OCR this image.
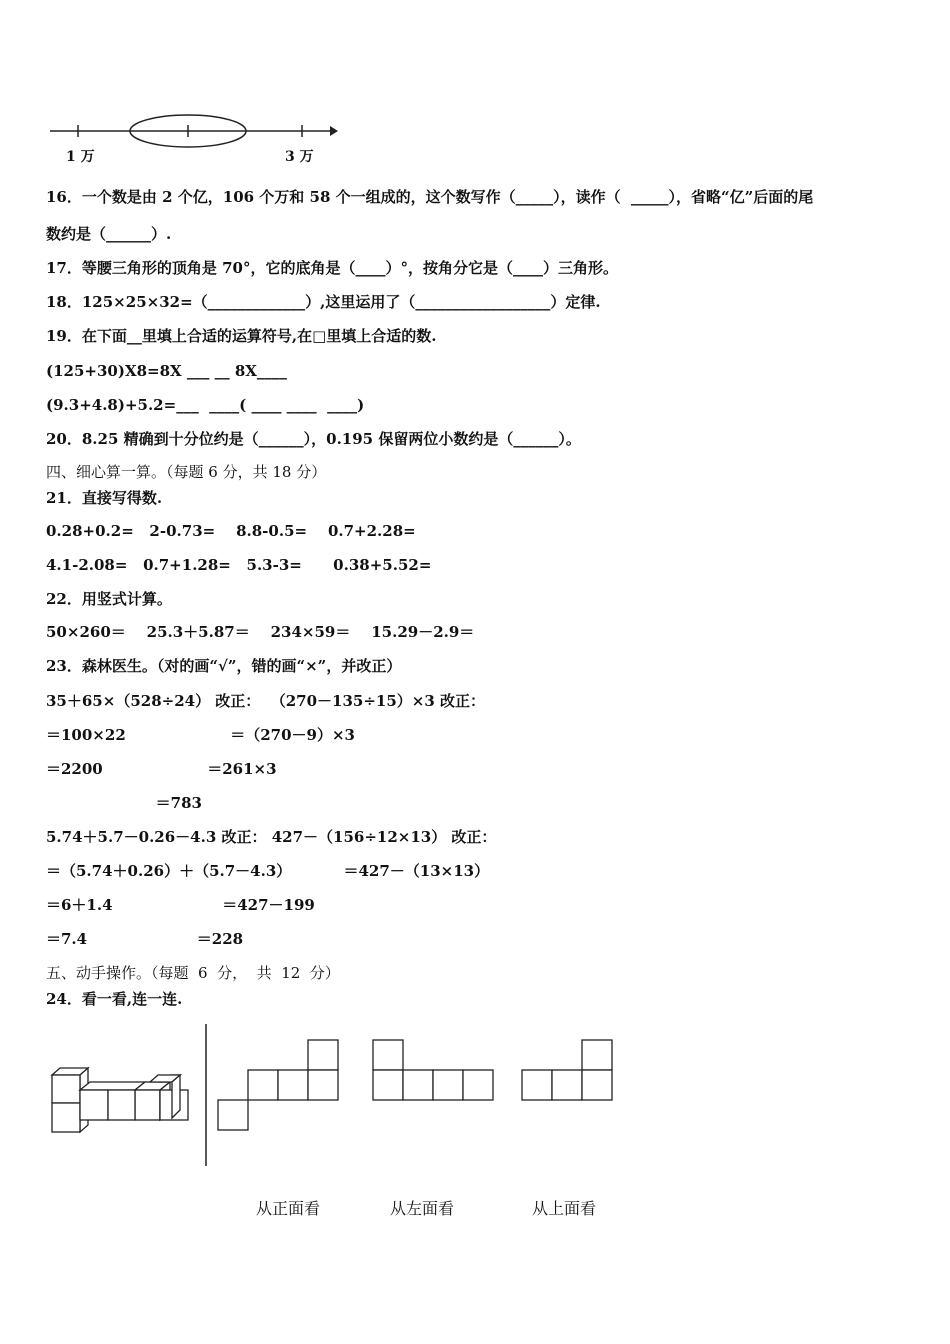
1 万	3 万
16．一个数是由 2 个亿，106 个万和 58 个一组成的，这个数写作（_____），读作（  _____），省略“亿”后面的尾
数约是（______）.
17．等腰三角形的顶角是 70°，它的底角是（____）°，按角分它是（____）三角形。
18．125×25×32=（_____________）,这里运用了（__________________）定律.
19．在下面__里填上合适的运算符号,在□里填上合适的数.
(125+30)X8=8X ___ __ 8X____
(9.3+4.8)+5.2=___  ____( ____ ____  ____)
20．8.25 精确到十分位约是（______），0.195 保留两位小数约是（______）。
四、细心算一算。（每题 6 分，共 18 分）
21．直接写得数.
0.28+0.2=   2-0.73=    8.8-0.5=    0.7+2.28=
4.1-2.08=   0.7+1.28=   5.3-3=      0.38+5.52=
22．用竖式计算。
50×260＝    25.3＋5.87＝    234×59＝    15.29－2.9＝
23．森林医生。（对的画“√”，错的画“×”，并改正）
35＋65×（528÷24） 改正：  （270－135÷15）×3 改正：
＝100×22                    ＝（270－9）×3
＝2200                    ＝261×3
＝783
5.74＋5.7－0.26－4.3 改正： 427－（156÷12×13） 改正：
＝（5.74＋0.26）＋（5.7－4.3）          ＝427－（13×13）
＝6＋1.4                     ＝427－199
＝7.4                     ＝228
五、动手操作。（每题  6  分，  共  12  分）
24．看一看,连一连.
从正面看	从左面看	从上面看
